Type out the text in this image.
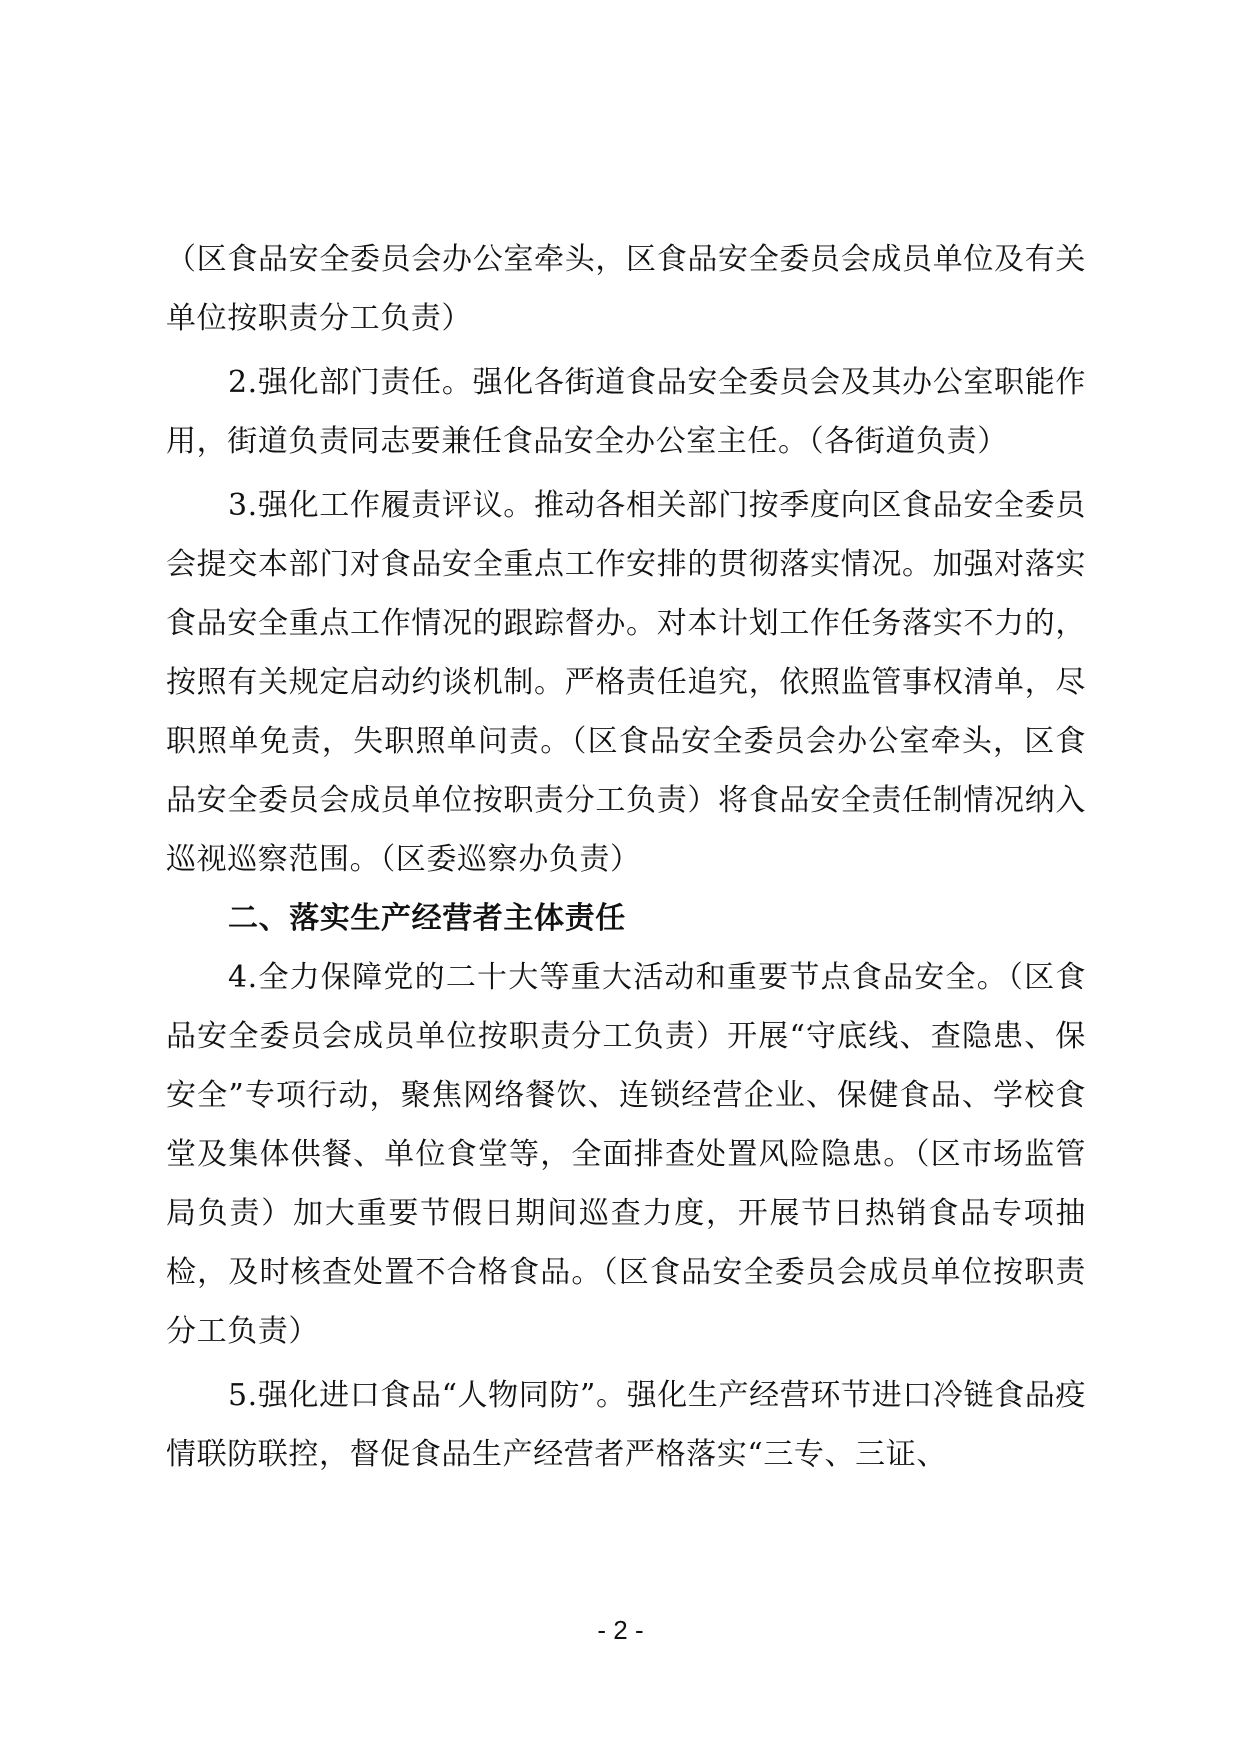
（区食品安全委员会办公室牵头，区食品安全委员会成员单位及有关单位按职责分工负责）

2.强化部门责任。强化各街道食品安全委员会及其办公室职能作用，街道负责同志要兼任食品安全办公室主任。（各街道负责）

3.强化工作履责评议。推动各相关部门按季度向区食品安全委员会提交本部门对食品安全重点工作安排的贯彻落实情况。加强对落实食品安全重点工作情况的跟踪督办。对本计划工作任务落实不力的，按照有关规定启动约谈机制。严格责任追究，依照监管事权清单，尽职照单免责，失职照单问责。（区食品安全委员会办公室牵头，区食品安全委员会成员单位按职责分工负责）将食品安全责任制情况纳入巡视巡察范围。（区委巡察办负责）

二、落实生产经营者主体责任

4.全力保障党的二十大等重大活动和重要节点食品安全。（区食品安全委员会成员单位按职责分工负责）开展“守底线、查隐患、保安全”专项行动，聚焦网络餐饮、连锁经营企业、保健食品、学校食堂及集体供餐、单位食堂等，全面排查处置风险隐患。（区市场监管局负责）加大重要节假日期间巡查力度，开展节日热销食品专项抽检，及时核查处置不合格食品。（区食品安全委员会成员单位按职责分工负责）

5.强化进口食品“人物同防”。强化生产经营环节进口冷链食品疫情联防联控，督促食品生产经营者严格落实“三专、三证、

- 2 -
